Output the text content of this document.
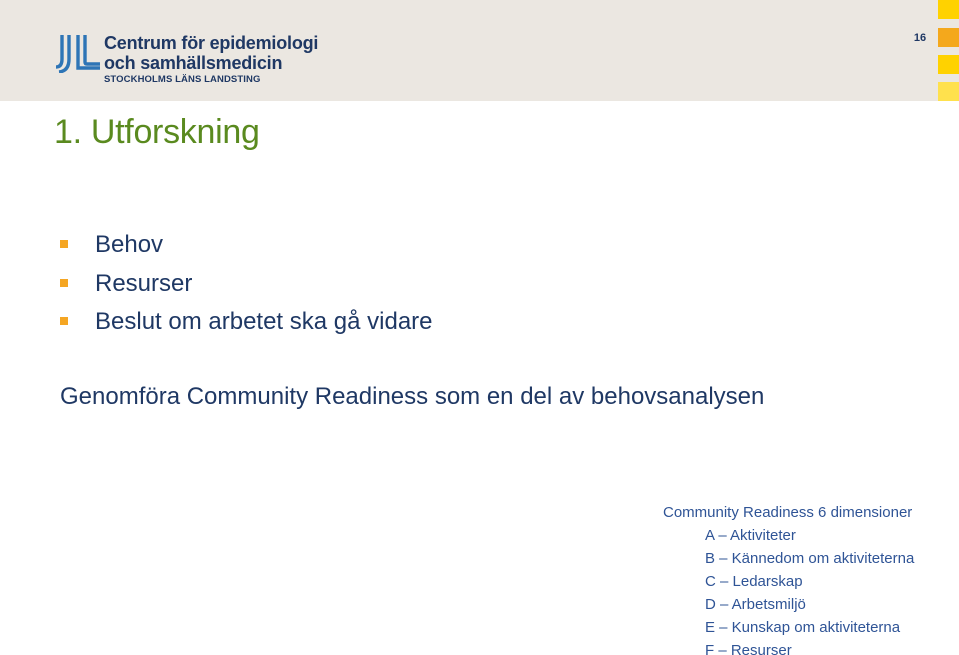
Centrum för epidemiologi
och samhällsmedicin
STOCKHOLMS LÄNS LANDSTING
16
1. Utforskning
Behov
Resurser
Beslut om arbetet ska gå vidare
Genomföra Community Readiness som en del av behovsanalysen
Community Readiness 6 dimensioner
A – Aktiviteter
B – Kännedom om aktiviteterna
C – Ledarskap
D – Arbetsmiljö
E – Kunskap om aktiviteterna
F – Resurser
